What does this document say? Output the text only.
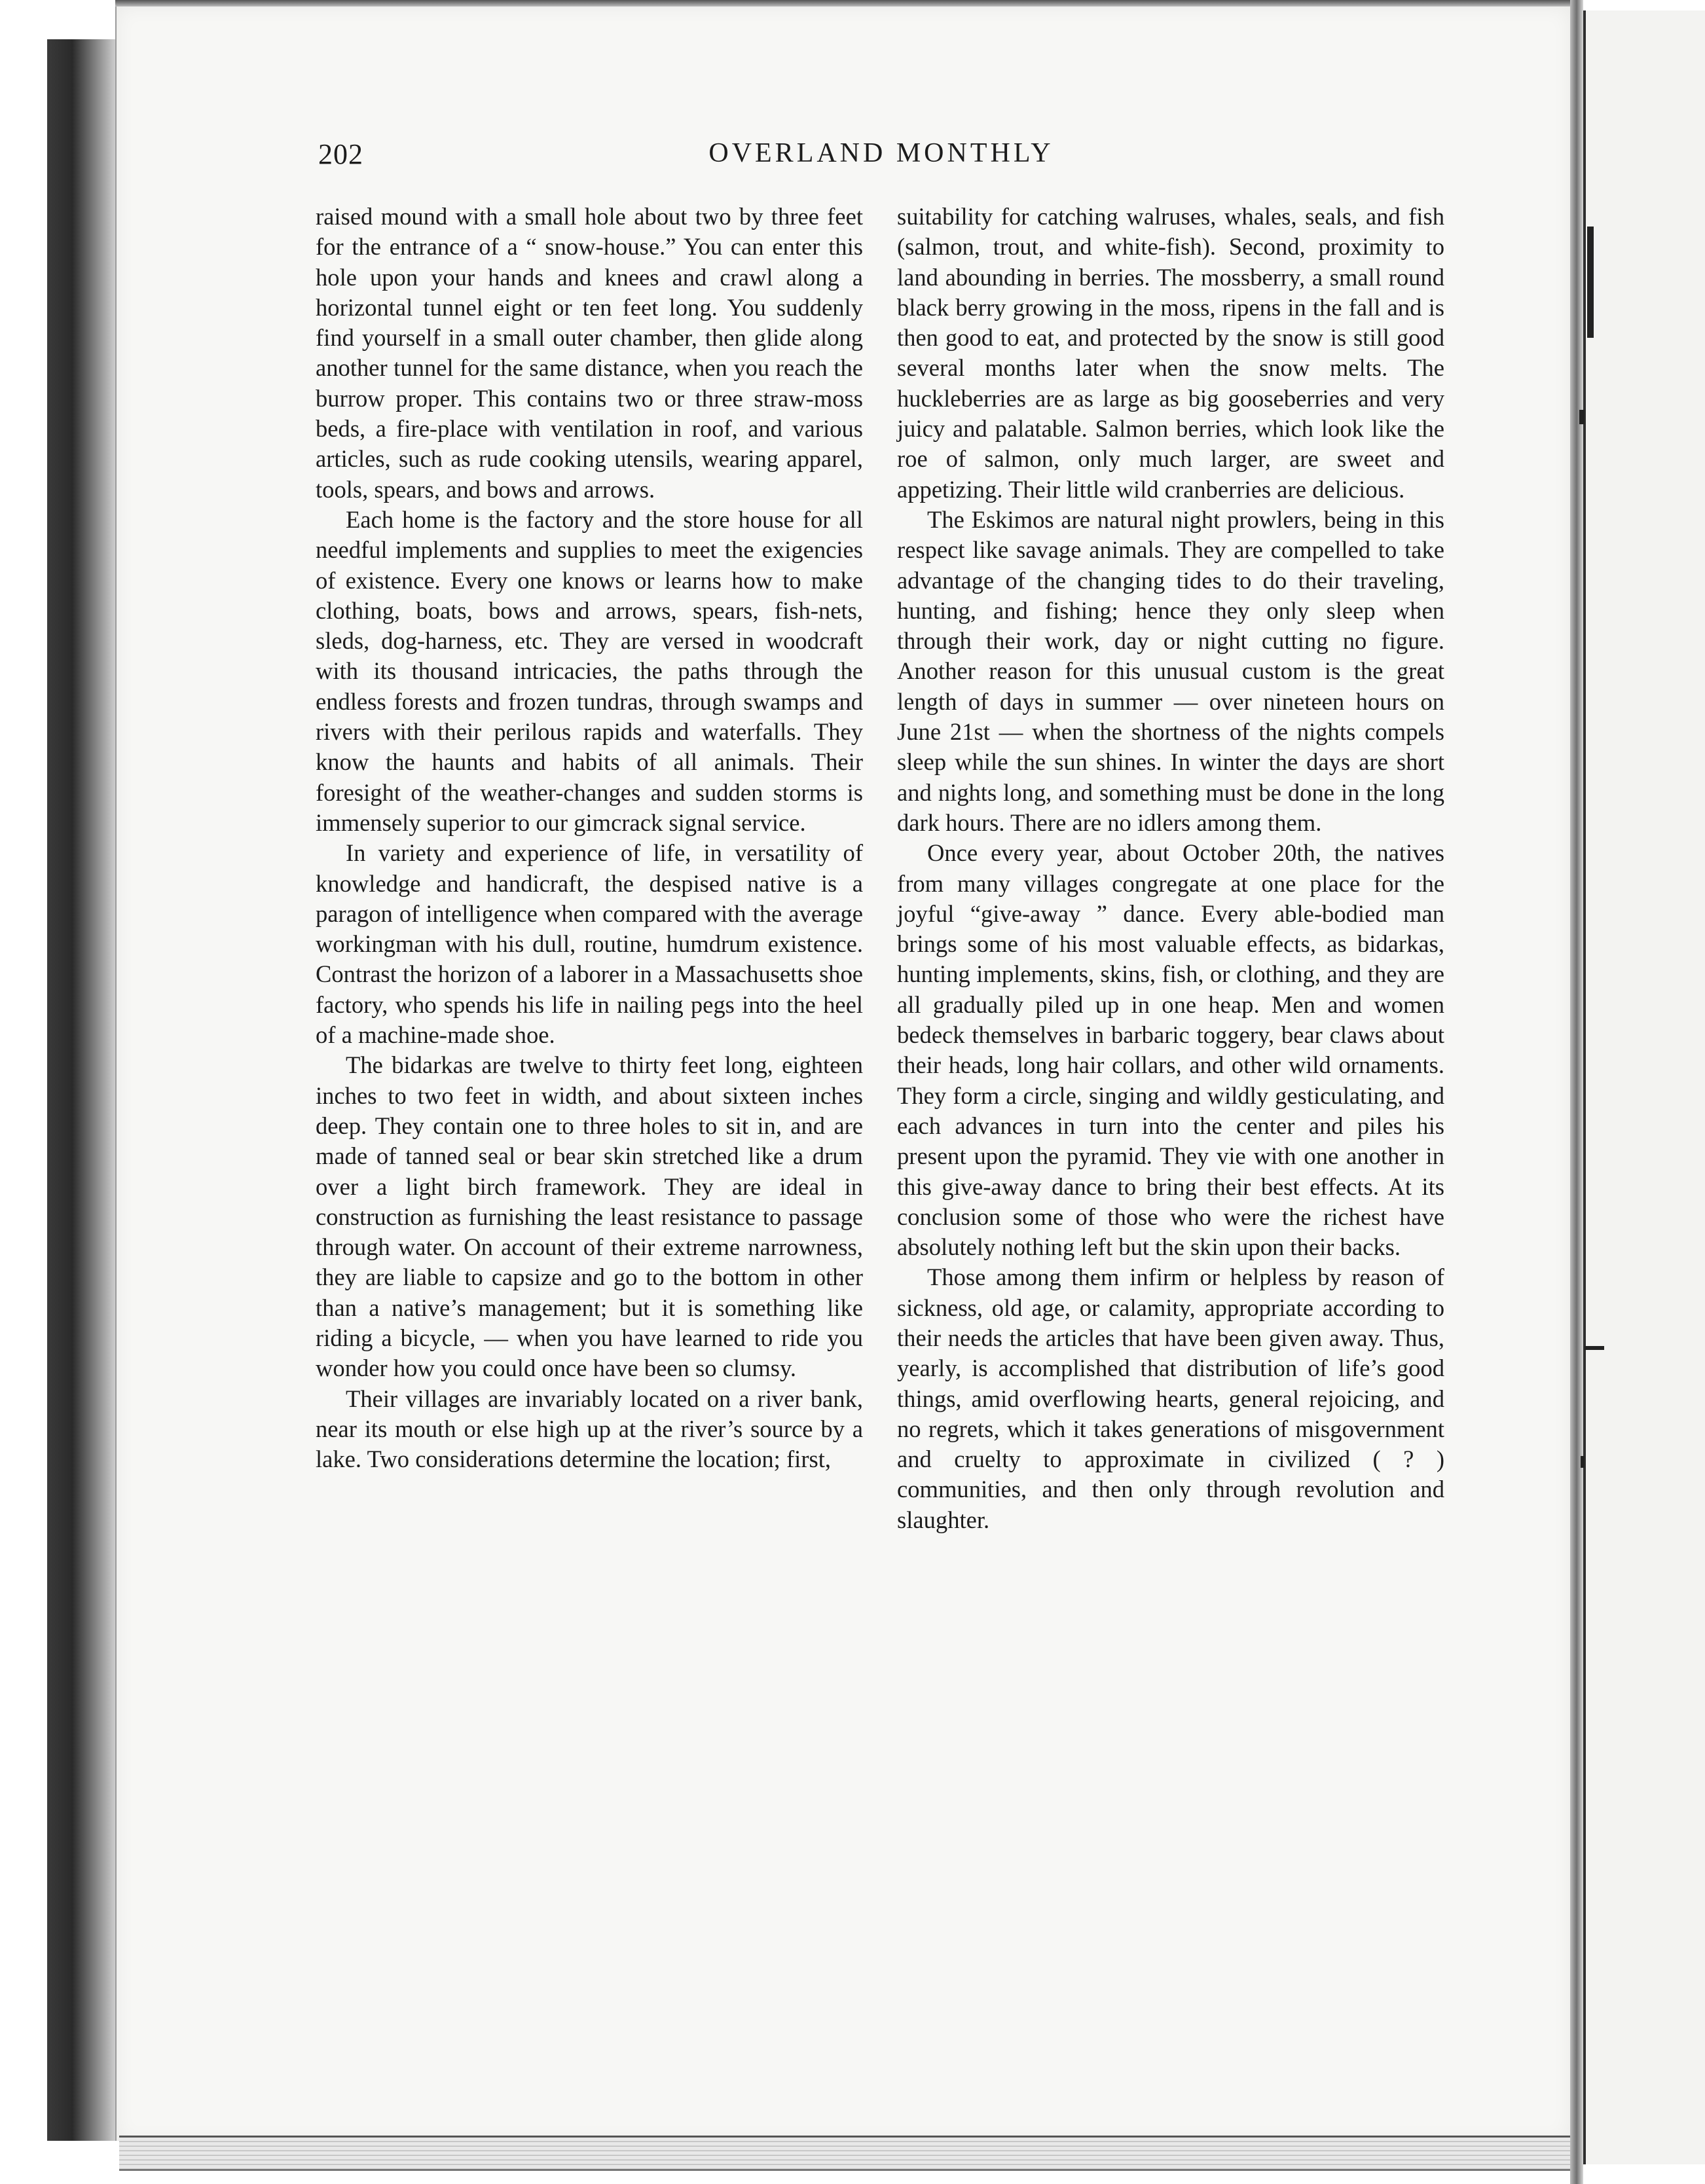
202	OVERLAND MONTHLY

raised mound with a small hole about two by three feet for the entrance of a “ snow-house.” You can enter this hole upon your hands and knees and crawl along a horizontal tunnel eight or ten feet long. You suddenly find yourself in a small outer chamber, then glide along another tunnel for the same distance, when you reach the burrow proper. This contains two or three straw-moss beds, a fire-place with ventilation in roof, and various articles, such as rude cooking utensils, wearing apparel, tools, spears, and bows and arrows.

Each home is the factory and the store house for all needful implements and supplies to meet the exigencies of existence. Every one knows or learns how to make clothing, boats, bows and arrows, spears, fish-nets, sleds, dog-harness, etc. They are versed in woodcraft with its thousand intricacies, the paths through the endless forests and frozen tundras, through swamps and rivers with their perilous rapids and waterfalls. They know the haunts and habits of all animals. Their foresight of the weather-changes and sudden storms is immensely superior to our gimcrack signal service.

In variety and experience of life, in versatility of knowledge and handicraft, the despised native is a paragon of intelligence when compared with the average workingman with his dull, routine, humdrum existence. Contrast the horizon of a laborer in a Massachusetts shoe factory, who spends his life in nailing pegs into the heel of a machine-made shoe.

The bidarkas are twelve to thirty feet long, eighteen inches to two feet in width, and about sixteen inches deep. They contain one to three holes to sit in, and are made of tanned seal or bear skin stretched like a drum over a light birch framework. They are ideal in construction as furnishing the least resistance to passage through water. On account of their extreme narrowness, they are liable to capsize and go to the bottom in other than a native’s management; but it is something like riding a bicycle, — when you have learned to ride you wonder how you could once have been so clumsy.

Their villages are invariably located on a river bank, near its mouth or else high up at the river’s source by a lake. Two considerations determine the location; first,

suitability for catching walruses, whales, seals, and fish (salmon, trout, and white-fish). Second, proximity to land abounding in berries. The mossberry, a small round black berry growing in the moss, ripens in the fall and is then good to eat, and protected by the snow is still good several months later when the snow melts. The huckleberries are as large as big gooseberries and very juicy and palatable. Salmon berries, which look like the roe of salmon, only much larger, are sweet and appetizing. Their little wild cranberries are delicious.

The Eskimos are natural night prowlers, being in this respect like savage animals. They are compelled to take advantage of the changing tides to do their traveling, hunting, and fishing; hence they only sleep when through their work, day or night cutting no figure. Another reason for this unusual custom is the great length of days in summer — over nineteen hours on June 21st — when the shortness of the nights compels sleep while the sun shines. In winter the days are short and nights long, and something must be done in the long dark hours. There are no idlers among them.

Once every year, about October 20th, the natives from many villages congregate at one place for the joyful “give-away ” dance. Every able-bodied man brings some of his most valuable effects, as bidarkas, hunting implements, skins, fish, or clothing, and they are all gradually piled up in one heap. Men and women bedeck themselves in barbaric toggery, bear claws about their heads, long hair collars, and other wild ornaments. They form a circle, singing and wildly gesticulating, and each advances in turn into the center and piles his present upon the pyramid. They vie with one another in this give-away dance to bring their best effects. At its conclusion some of those who were the richest have absolutely nothing left but the skin upon their backs.

Those among them infirm or helpless by reason of sickness, old age, or calamity, appropriate according to their needs the articles that have been given away. Thus, yearly, is accomplished that distribution of life’s good things, amid overflowing hearts, general rejoicing, and no regrets, which it takes generations of misgovernment and cruelty to approximate in civilized ( ? ) communities, and then only through revolution and slaughter.
